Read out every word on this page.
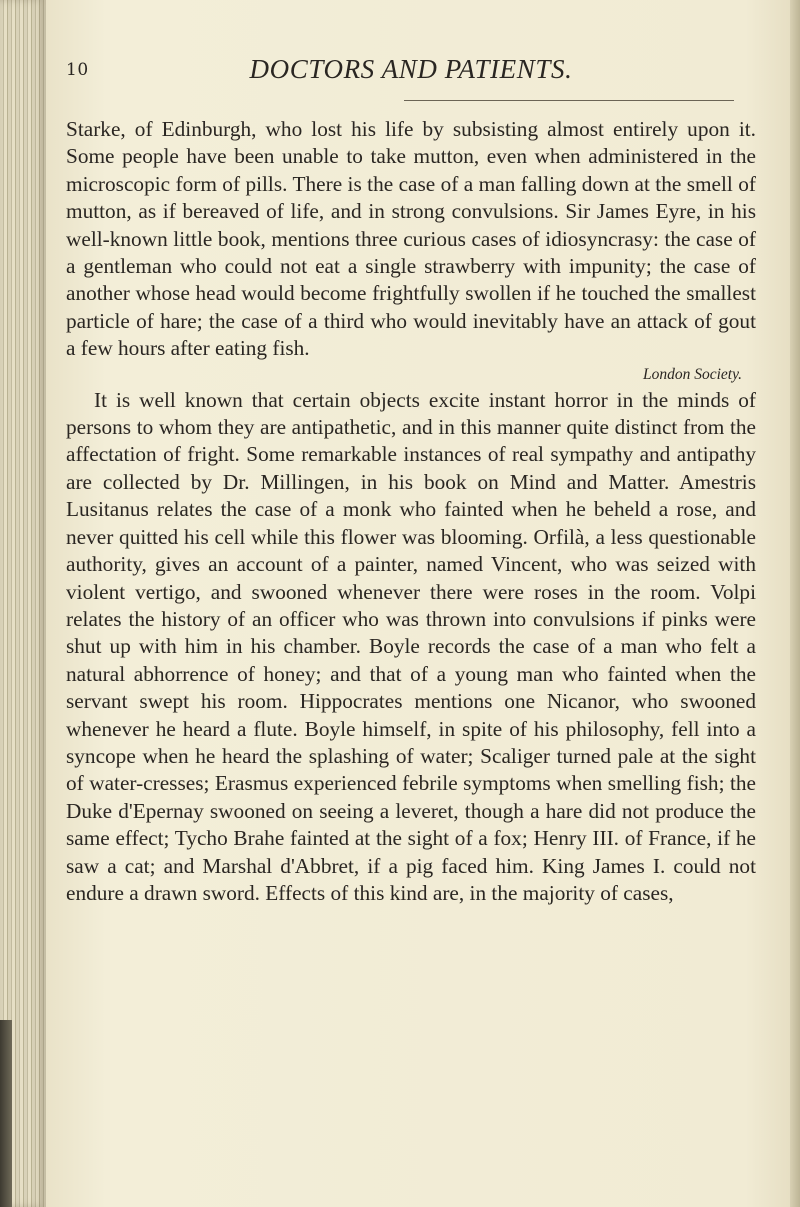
10	DOCTORS AND PATIENTS.

Starke, of Edinburgh, who lost his life by subsisting almost entirely upon it. Some people have been unable to take mutton, even when administered in the microscopic form of pills. There is the case of a man falling down at the smell of mutton, as if bereaved of life, and in strong convulsions. Sir James Eyre, in his well-known little book, mentions three curious cases of idiosyncrasy: the case of a gentleman who could not eat a single strawberry with impunity; the case of another whose head would become frightfully swollen if he touched the smallest particle of hare; the case of a third who would inevitably have an attack of gout a few hours after eating fish.

London Society.

It is well known that certain objects excite instant horror in the minds of persons to whom they are antipathetic, and in this manner quite distinct from the affectation of fright. Some remarkable instances of real sympathy and antipathy are collected by Dr. Millingen, in his book on Mind and Matter. Amestris Lusitanus relates the case of a monk who fainted when he beheld a rose, and never quitted his cell while this flower was blooming. Orfilà, a less questionable authority, gives an account of a painter, named Vincent, who was seized with violent vertigo, and swooned whenever there were roses in the room. Volpi relates the history of an officer who was thrown into convulsions if pinks were shut up with him in his chamber. Boyle records the case of a man who felt a natural abhorrence of honey; and that of a young man who fainted when the servant swept his room. Hippocrates mentions one Nicanor, who swooned whenever he heard a flute. Boyle himself, in spite of his philosophy, fell into a syncope when he heard the splashing of water; Scaliger turned pale at the sight of water-cresses; Erasmus experienced febrile symptoms when smelling fish; the Duke d'Epernay swooned on seeing a leveret, though a hare did not produce the same effect; Tycho Brahe fainted at the sight of a fox; Henry III. of France, if he saw a cat; and Marshal d'Abbret, if a pig faced him. King James I. could not endure a drawn sword. Effects of this kind are, in the majority of cases,
